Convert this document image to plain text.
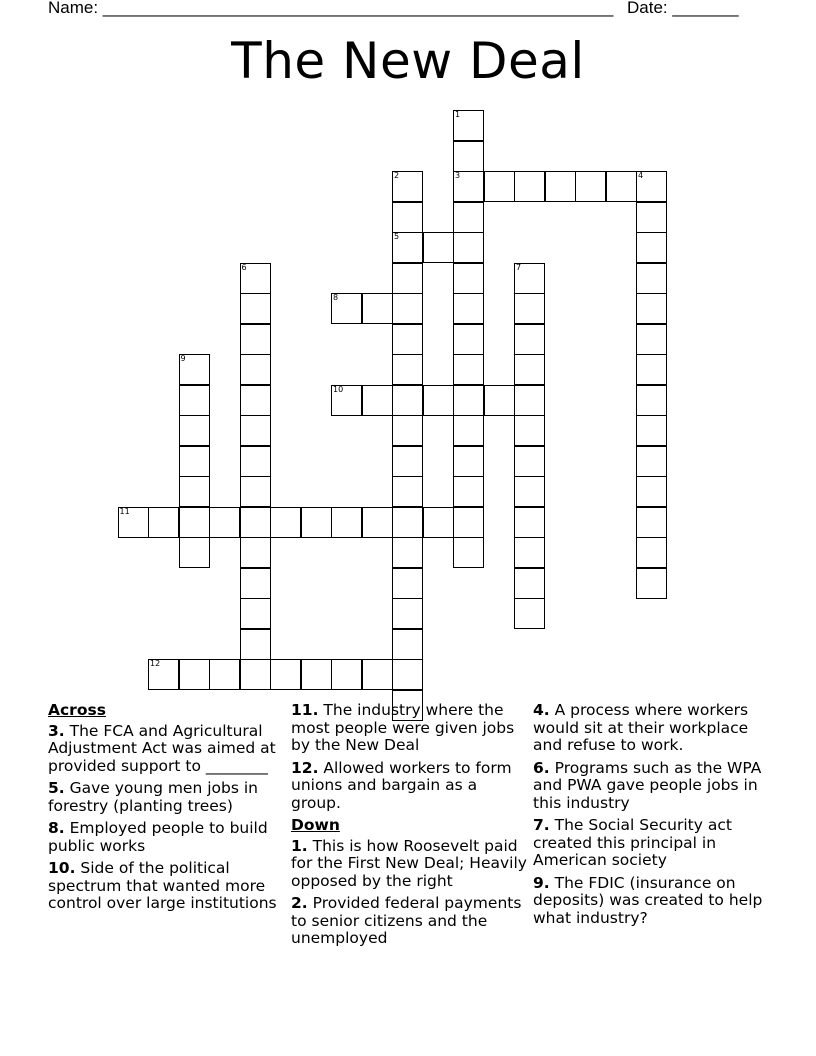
Name: ______________________________________________________ Date: _______
The New Deal
1
3
2
5
4
6	7
8
9
10
11
12
Across
3. The FCA and Agricultural Adjustment Act was aimed at provided support to ________
5. Gave young men jobs in forestry (planting trees)
8. Employed people to build public works
10. Side of the political spectrum that wanted more control over large institutions
11. The industry where the most people were given jobs by the New Deal
12. Allowed workers to form unions and bargain as a group.
Down
1. This is how Roosevelt paid for the First New Deal; Heavily opposed by the right
2. Provided federal payments to senior citizens and the unemployed
4. A process where workers would sit at their workplace and refuse to work.
6. Programs such as the WPA and PWA gave people jobs in this industry
7. The Social Security act created this principal in American society
9. The FDIC (insurance on deposits) was created to help what industry?
